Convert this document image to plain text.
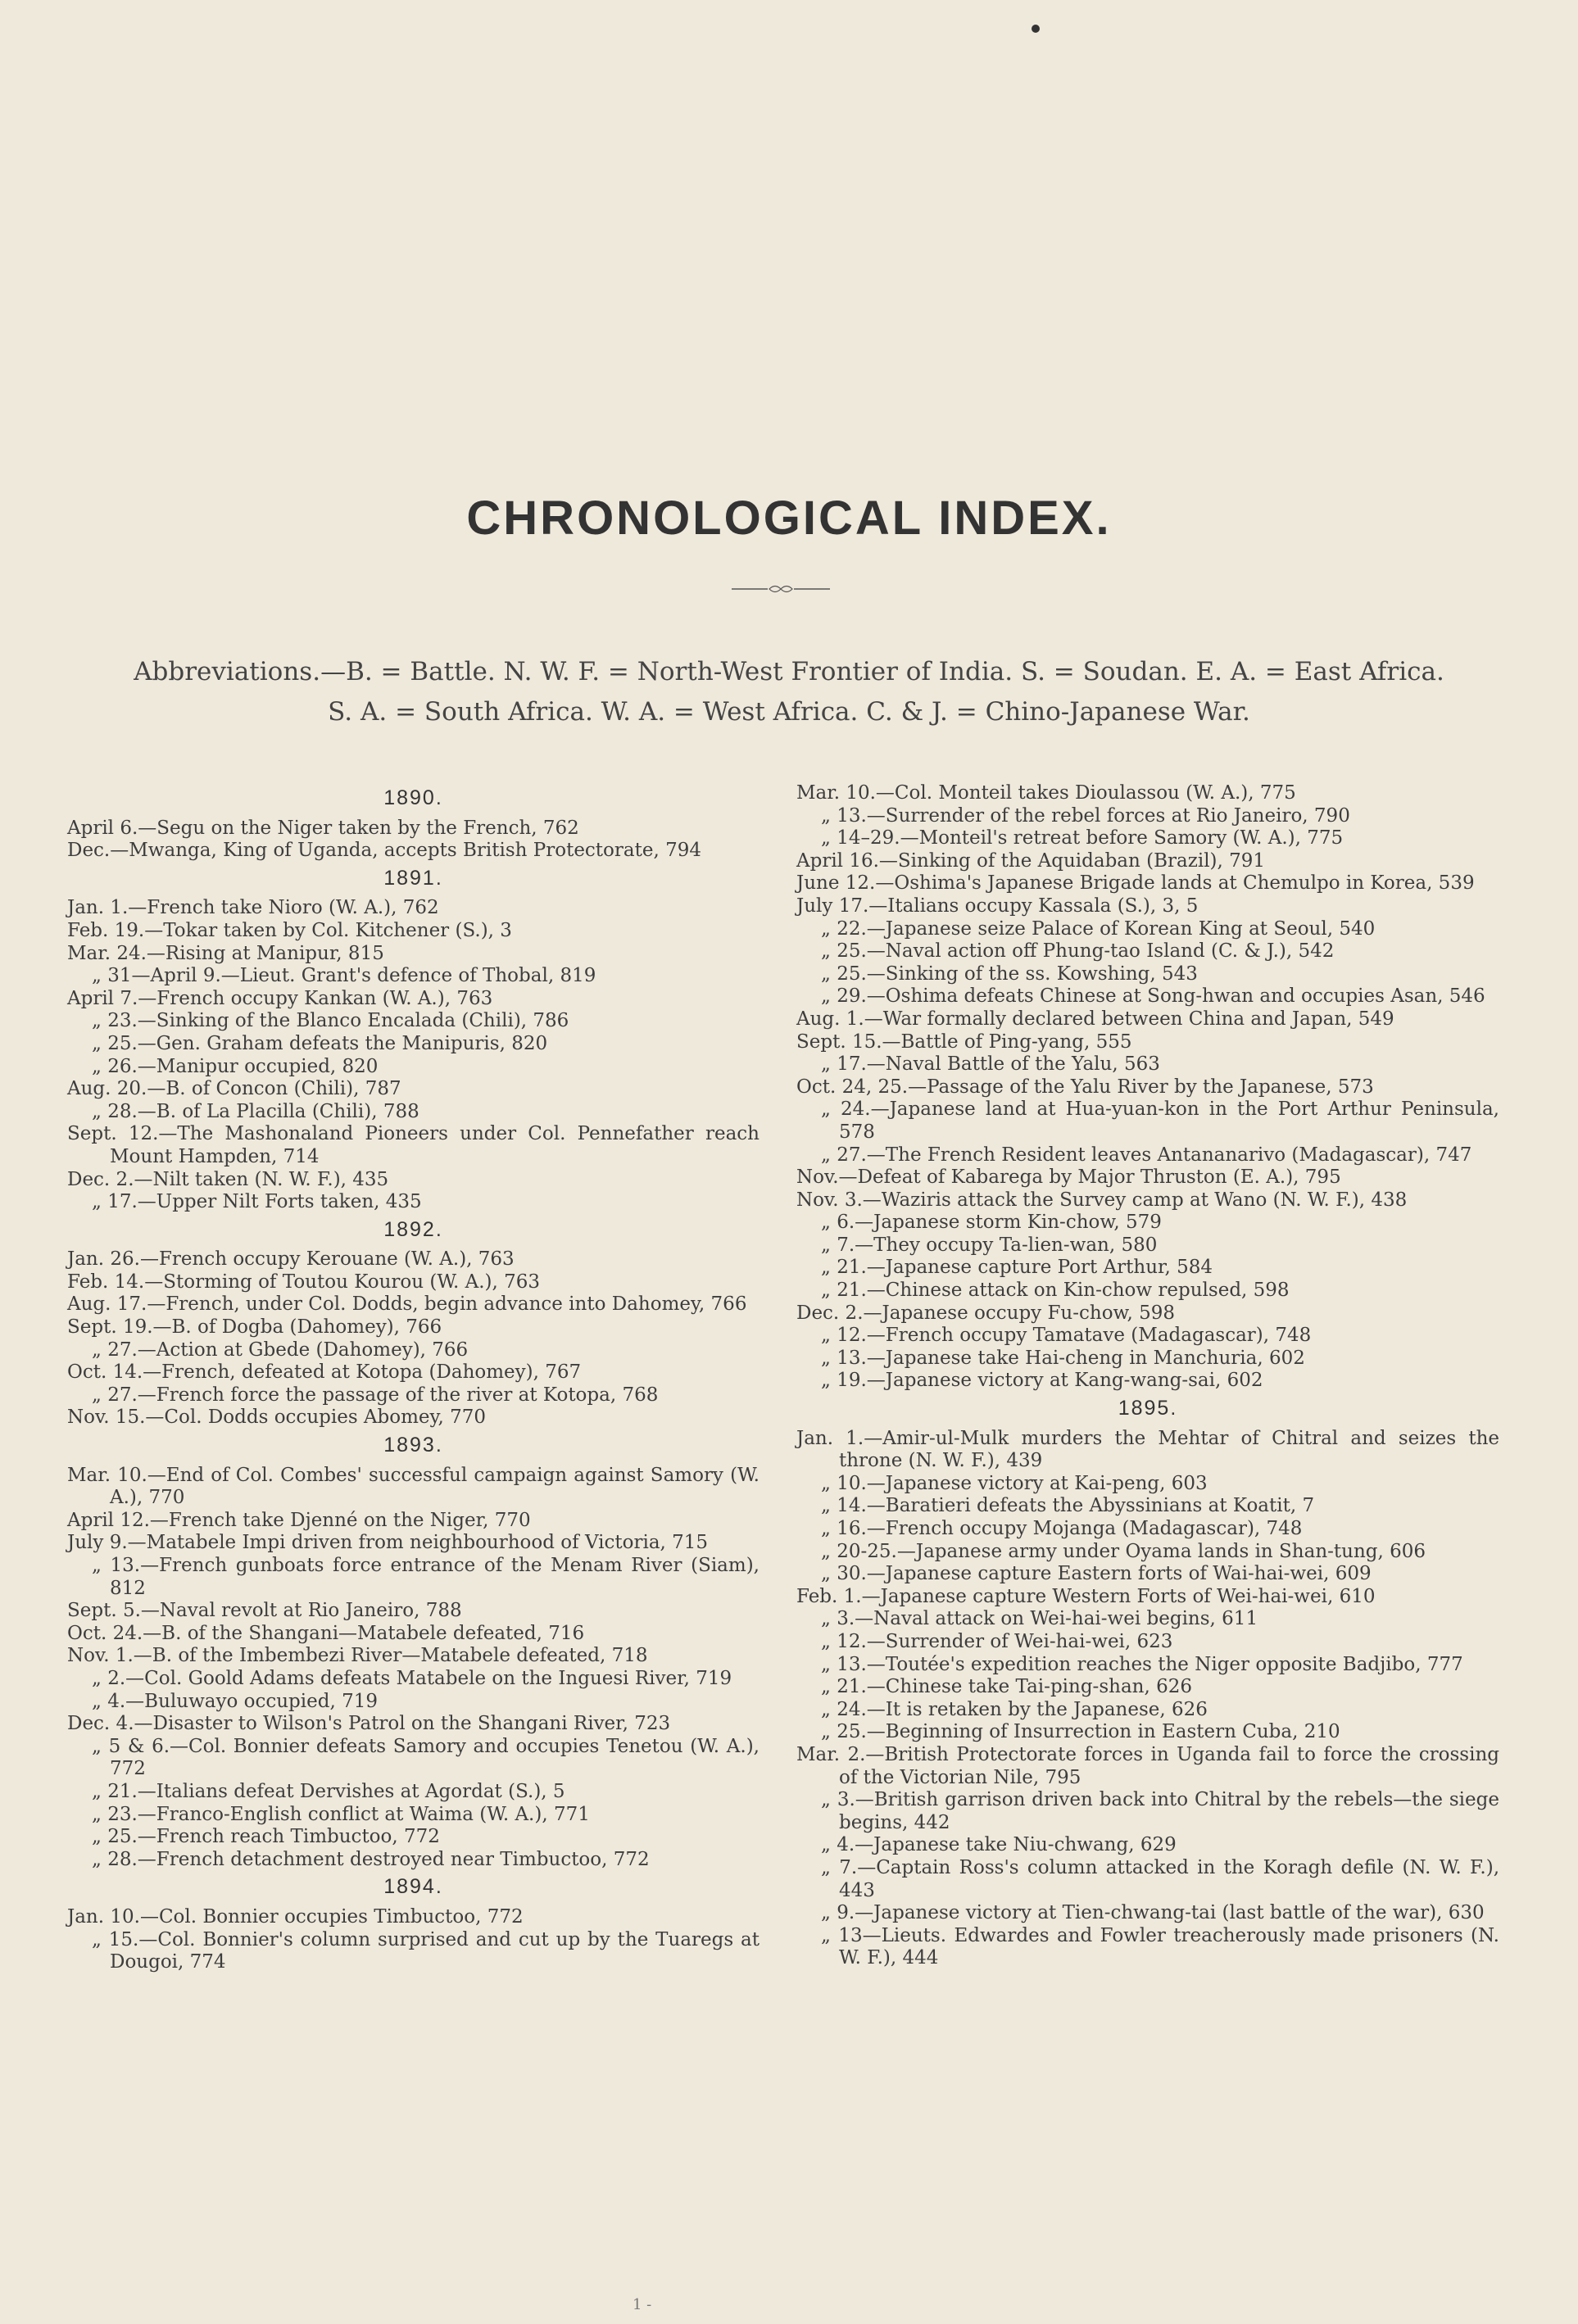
CHRONOLOGICAL INDEX.
Abbreviations.—B. = Battle. N. W. F. = North-West Frontier of India. S. = Soudan. E. A. = East Africa.
S. A. = South Africa. W. A. = West Africa. C. & J. = Chino-Japanese War.
1890.

April 6.—Segu on the Niger taken by the French, 762

Dec.—Mwanga, King of Uganda, accepts British Protectorate, 794

1891.

Jan. 1.—French take Nioro (W. A.), 762

Feb. 19.—Tokar taken by Col. Kitchener (S.), 3

Mar. 24.—Rising at Manipur, 815

„ 31—April 9.—Lieut. Grant's defence of Thobal, 819

April 7.—French occupy Kankan (W. A.), 763

„ 23.—Sinking of the Blanco Encalada (Chili), 786

„ 25.—Gen. Graham defeats the Manipuris, 820

„ 26.—Manipur occupied, 820

Aug. 20.—B. of Concon (Chili), 787

„ 28.—B. of La Placilla (Chili), 788

Sept. 12.—The Mashonaland Pioneers under Col. Pennefather reach Mount Hampden, 714

Dec. 2.—Nilt taken (N. W. F.), 435

„ 17.—Upper Nilt Forts taken, 435

1892.

Jan. 26.—French occupy Kerouane (W. A.), 763

Feb. 14.—Storming of Toutou Kourou (W. A.), 763

Aug. 17.—French, under Col. Dodds, begin advance into Dahomey, 766

Sept. 19.—B. of Dogba (Dahomey), 766

„ 27.—Action at Gbede (Dahomey), 766

Oct. 14.—French, defeated at Kotopa (Dahomey), 767

„ 27.—French force the passage of the river at Kotopa, 768

Nov. 15.—Col. Dodds occupies Abomey, 770

1893.

Mar. 10.—End of Col. Combes' successful campaign against Samory (W. A.), 770

April 12.—French take Djenné on the Niger, 770

July 9.—Matabele Impi driven from neighbourhood of Victoria, 715

„ 13.—French gunboats force entrance of the Menam River (Siam), 812

Sept. 5.—Naval revolt at Rio Janeiro, 788

Oct. 24.—B. of the Shangani—Matabele defeated, 716

Nov. 1.—B. of the Imbembezi River—Matabele defeated, 718

„ 2.—Col. Goold Adams defeats Matabele on the Inguesi River, 719

„ 4.—Buluwayo occupied, 719

Dec. 4.—Disaster to Wilson's Patrol on the Shangani River, 723

„ 5 & 6.—Col. Bonnier defeats Samory and occupies Tenetou (W. A.), 772

„ 21.—Italians defeat Dervishes at Agordat (S.), 5

„ 23.—Franco-English conflict at Waima (W. A.), 771

„ 25.—French reach Timbuctoo, 772

„ 28.—French detachment destroyed near Timbuctoo, 772

1894.

Jan. 10.—Col. Bonnier occupies Timbuctoo, 772

„ 15.—Col. Bonnier's column surprised and cut up by the Tuaregs at Dougoi, 774

Mar. 10.—Col. Monteil takes Dioulassou (W. A.), 775

„ 13.—Surrender of the rebel forces at Rio Janeiro, 790

„ 14–29.—Monteil's retreat before Samory (W. A.), 775

April 16.—Sinking of the Aquidaban (Brazil), 791

June 12.—Oshima's Japanese Brigade lands at Chemulpo in Korea, 539

July 17.—Italians occupy Kassala (S.), 3, 5

„ 22.—Japanese seize Palace of Korean King at Seoul, 540

„ 25.—Naval action off Phung-tao Island (C. & J.), 542

„ 25.—Sinking of the ss. Kowshing, 543

„ 29.—Oshima defeats Chinese at Song-hwan and occupies Asan, 546

Aug. 1.—War formally declared between China and Japan, 549

Sept. 15.—Battle of Ping-yang, 555

„ 17.—Naval Battle of the Yalu, 563

Oct. 24, 25.—Passage of the Yalu River by the Japanese, 573

„ 24.—Japanese land at Hua-yuan-kon in the Port Arthur Peninsula, 578

„ 27.—The French Resident leaves Antananarivo (Madagascar), 747

Nov.—Defeat of Kabarega by Major Thruston (E. A.), 795

Nov. 3.—Waziris attack the Survey camp at Wano (N. W. F.), 438

„ 6.—Japanese storm Kin-chow, 579

„ 7.—They occupy Ta-lien-wan, 580

„ 21.—Japanese capture Port Arthur, 584

„ 21.—Chinese attack on Kin-chow repulsed, 598

Dec. 2.—Japanese occupy Fu-chow, 598

„ 12.—French occupy Tamatave (Madagascar), 748

„ 13.—Japanese take Hai-cheng in Manchuria, 602

„ 19.—Japanese victory at Kang-wang-sai, 602

1895.

Jan. 1.—Amir-ul-Mulk murders the Mehtar of Chitral and seizes the throne (N. W. F.), 439

„ 10.—Japanese victory at Kai-peng, 603

„ 14.—Baratieri defeats the Abyssinians at Koatit, 7

„ 16.—French occupy Mojanga (Madagascar), 748

„ 20-25.—Japanese army under Oyama lands in Shan-tung, 606

„ 30.—Japanese capture Eastern forts of Wai-hai-wei, 609

Feb. 1.—Japanese capture Western Forts of Wei-hai-wei, 610

„ 3.—Naval attack on Wei-hai-wei begins, 611

„ 12.—Surrender of Wei-hai-wei, 623

„ 13.—Toutée's expedition reaches the Niger opposite Badjibo, 777

„ 21.—Chinese take Tai-ping-shan, 626

„ 24.—It is retaken by the Japanese, 626

„ 25.—Beginning of Insurrection in Eastern Cuba, 210

Mar. 2.—British Protectorate forces in Uganda fail to force the crossing of the Victorian Nile, 795

„ 3.—British garrison driven back into Chitral by the rebels—the siege begins, 442

„ 4.—Japanese take Niu-chwang, 629

„ 7.—Captain Ross's column attacked in the Koragh defile (N. W. F.), 443

„ 9.—Japanese victory at Tien-chwang-tai (last battle of the war), 630

„ 13—Lieuts. Edwardes and Fowler treacherously made prisoners (N. W. F.), 444

1 -
